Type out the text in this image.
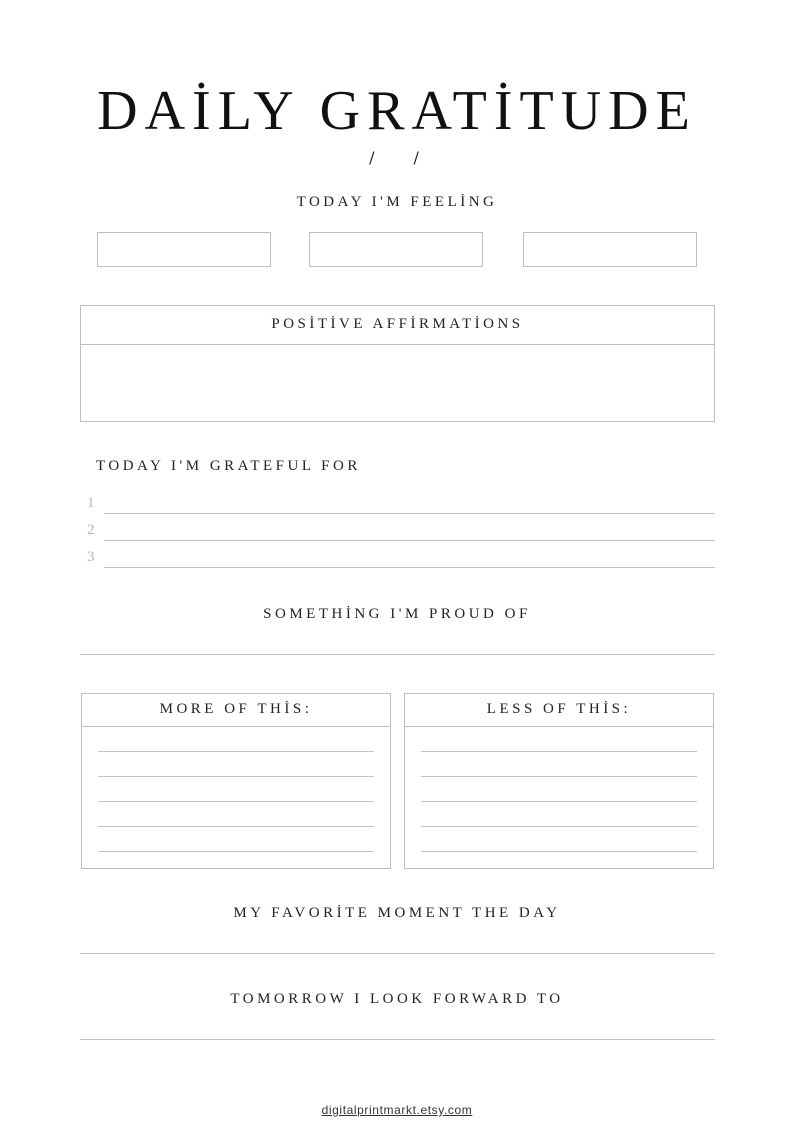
DAİLY GRATİTUDE
/ /
TODAY I'M FEELİNG
POSİTİVE AFFİRMATİONS
TODAY I'M GRATEFUL FOR
1
2
3
SOMETHİNG I'M PROUD OF
MORE OF THİS:	LESS OF THİS:
MY FAVORİTE MOMENT THE DAY
TOMORROW I LOOK FORWARD TO
digitalprintmarkt.etsy.com
